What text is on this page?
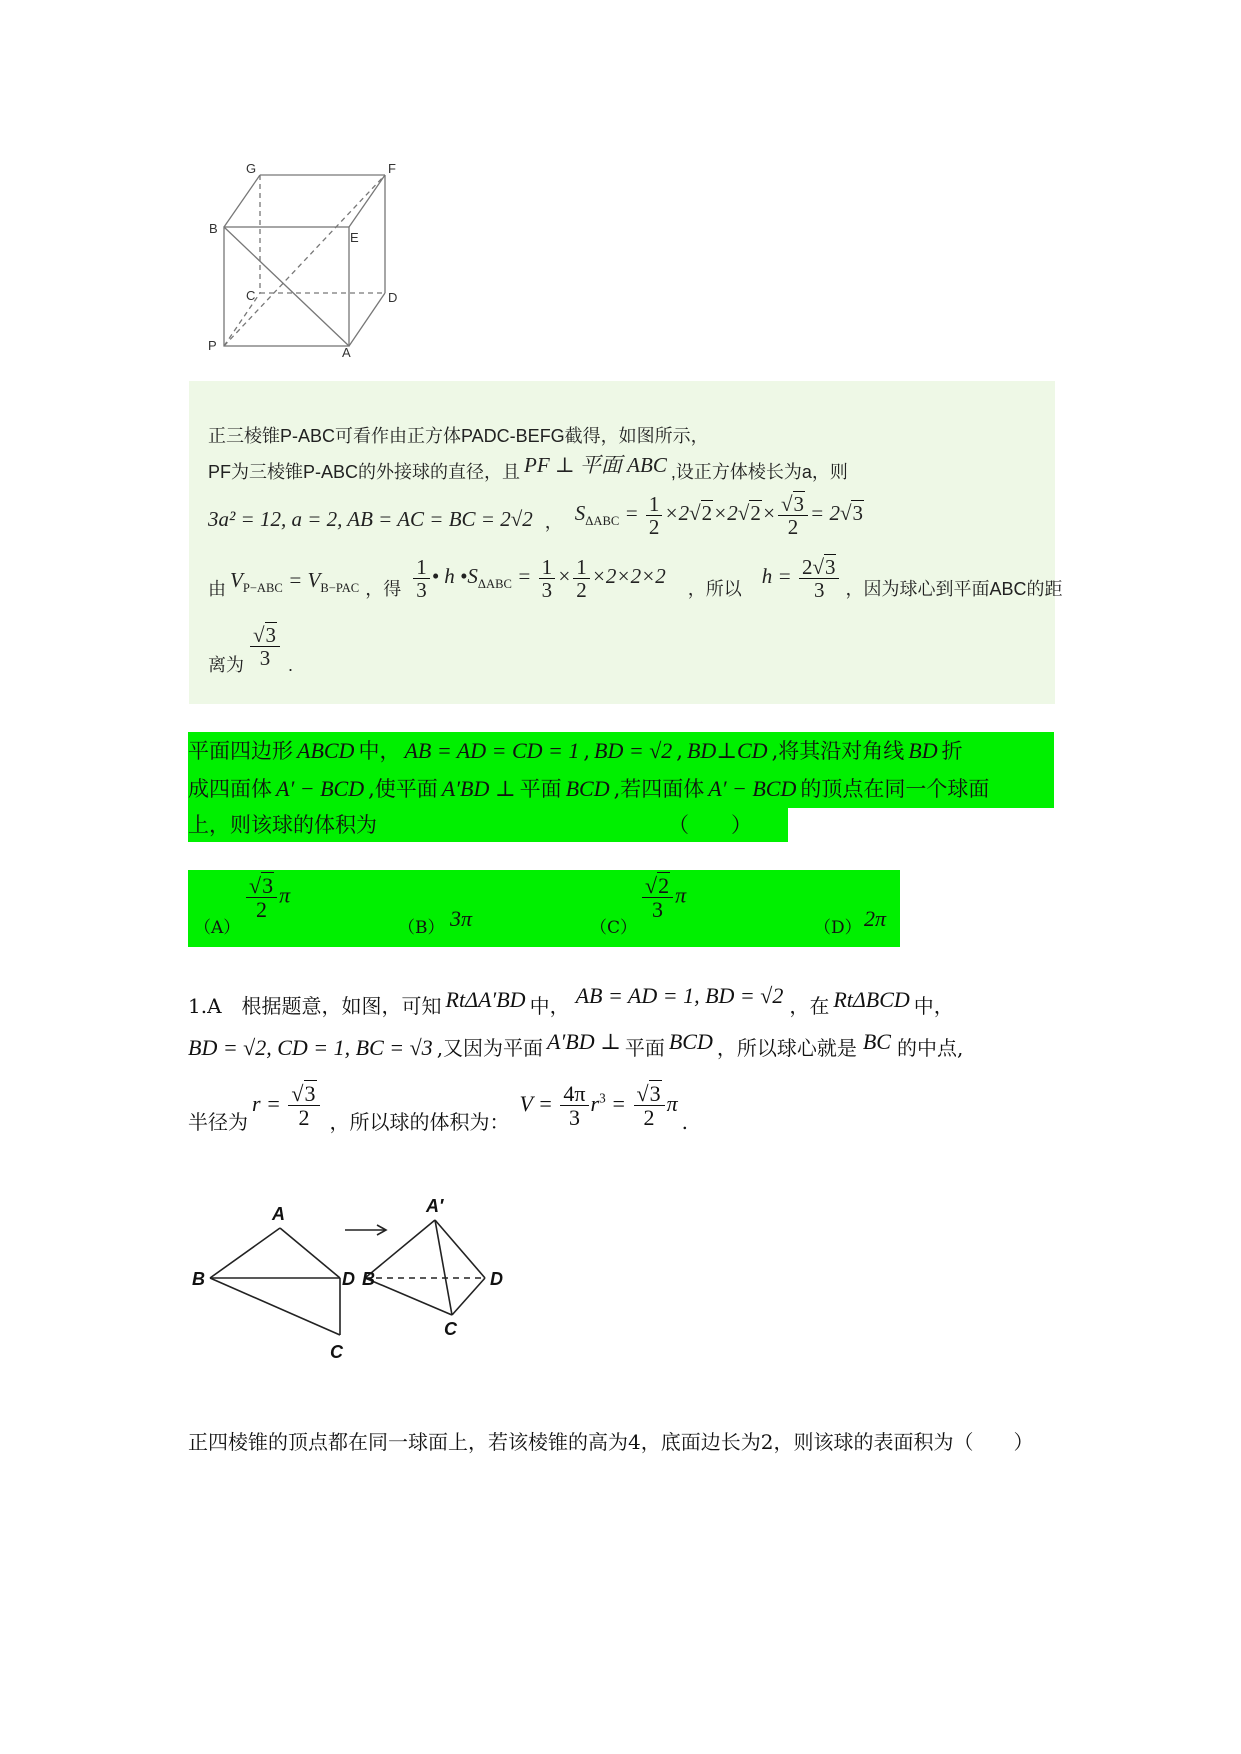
G	F
B
E
C	D
P	A
正三棱锥P-ABC可看作由正方体PADC-BEFG截得，如图所示，
PF为三棱锥P-ABC的外接球的直径，且 PF ⊥ 平面 ABC ,设正方体棱长为a，则
3a² = 12, a = 2, AB = AC = BC = 2√2 ， $S_{\Delta ABC} = \frac{1}{2} \times 2√2\times 2√2\times \frac{√3}{2} = 2√3$
由 $V_{P-ABC} = V_{B-PAC}$ ，得 $\frac{1}{3}$ • h $•S_{\Delta ABC} = \frac{1}{3} \times \frac{1}{2} \times 2\times 2\times 2$，所以$h = \frac{2√3}{3}$ ，因为球心到平面ABC的距
离为 $\frac{√3}{3}$ .
平面四边形 ABCD 中， AB = AD = CD = 1 , BD = √2 , BD⊥CD ,将其沿对角线 BD 折
成四面体 A′ − BCD ,使平面 A′BD ⊥ 平面 BCD ,若四面体 A′ − BCD 的顶点在同一个球面
上，则该球的体积为	（　　）
（A）
$\frac{√3}{2}$ π
（B） 3π	（C）
$\frac{√2}{3}$ π
（D） 2π
1.A　根据题意，如图，可知 RtΔA′BD 中， AB = AD = 1, BD = √2 ，在 RtΔBCD 中，
BD = √2, CD = 1, BC = √3 ,又因为平面 A′BD ⊥ 平面 BCD ，所以球心就是 BC 的中点,
半径为$r = \frac{√3}{2}$ ，所以球的体积为：$V = \frac{4\pi}{3} r^3 = \frac{√3}{2} \pi$.
A
B	D
C
A′
B	D
C
正四棱锥的顶点都在同一球面上，若该棱锥的高为4，底面边长为2，则该球的表面积为（　　）
